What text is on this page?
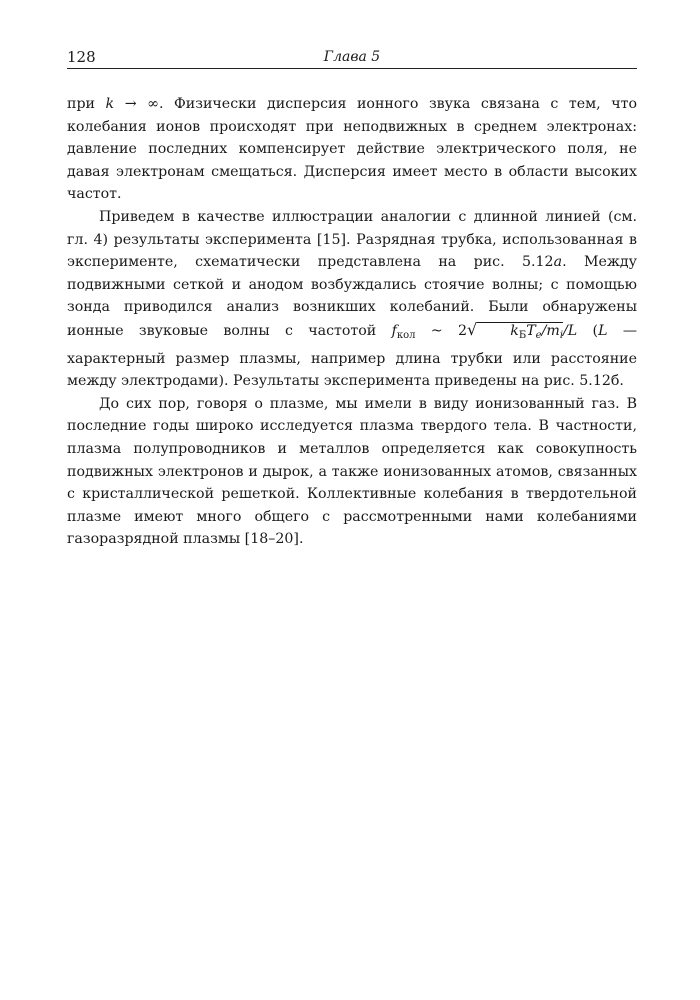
128	Глава 5

при k → ∞. Физически дисперсия ионного звука связана с тем, что колебания ионов происходят при неподвижных в среднем электронах: давление последних компенсирует действие электрического поля, не давая электронам смещаться. Дисперсия имеет место в области высоких частот.

Приведем в качестве иллюстрации аналогии с длинной линией (см. гл. 4) результаты эксперимента [15]. Разрядная трубка, использованная в эксперименте, схематически представлена на рис. 5.12а. Между подвижными сеткой и анодом возбуждались стоячие волны; с помощью зонда приводился анализ возникших колебаний. Были обнаружены ионные звуковые волны с частотой $f_{кол}$ ~ 2√ $k_БT_e/m_i/L$ (L — характерный размер плазмы, например длина трубки или расстояние между электродами). Результаты эксперимента приведены на рис. 5.12б.

До сих пор, говоря о плазме, мы имели в виду ионизованный газ. В последние годы широко исследуется плазма твердого тела. В частности, плазма полупроводников и металлов определяется как совокупность подвижных электронов и дырок, а также ионизованных атомов, связанных с кристаллической решеткой. Коллективные колебания в твердотельной плазме имеют много общего с рассмотренными нами колебаниями газоразрядной плазмы [18–20].
